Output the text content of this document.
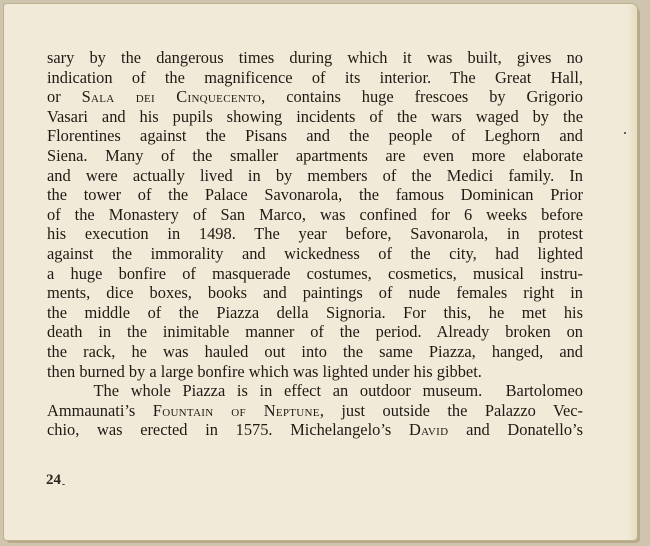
sary by the dangerous times during which it was built, gives no
indication of the magnificence of its interior. The Great Hall,
or Sala dei Cinquecento, contains huge frescoes by Grigorio
Vasari and his pupils showing incidents of the wars waged by the
Florentines against the Pisans and the people of Leghorn and
Siena. Many of the smaller apartments are even more elaborate
and were actually lived in by members of the Medici family. In
the tower of the Palace Savonarola, the famous Dominican Prior
of the Monastery of San Marco, was confined for 6 weeks before
his execution in 1498. The year before, Savonarola, in protest
against the immorality and wickedness of the city, had lighted
a huge bonfire of masquerade costumes, cosmetics, musical instru-
ments, dice boxes, books and paintings of nude females right in
the middle of the Piazza della Signoria. For this, he met his
death in the inimitable manner of the period. Already broken on
the rack, he was hauled out into the same Piazza, hanged, and
then burned by a large bonfire which was lighted under his gibbet.
The whole Piazza is in effect an outdoor museum.  Bartolomeo
Ammaunati’s Fountain of Neptune, just outside the Palazzo Vec-
chio, was erected in 1575. Michelangelo’s David and Donatello’s
24
